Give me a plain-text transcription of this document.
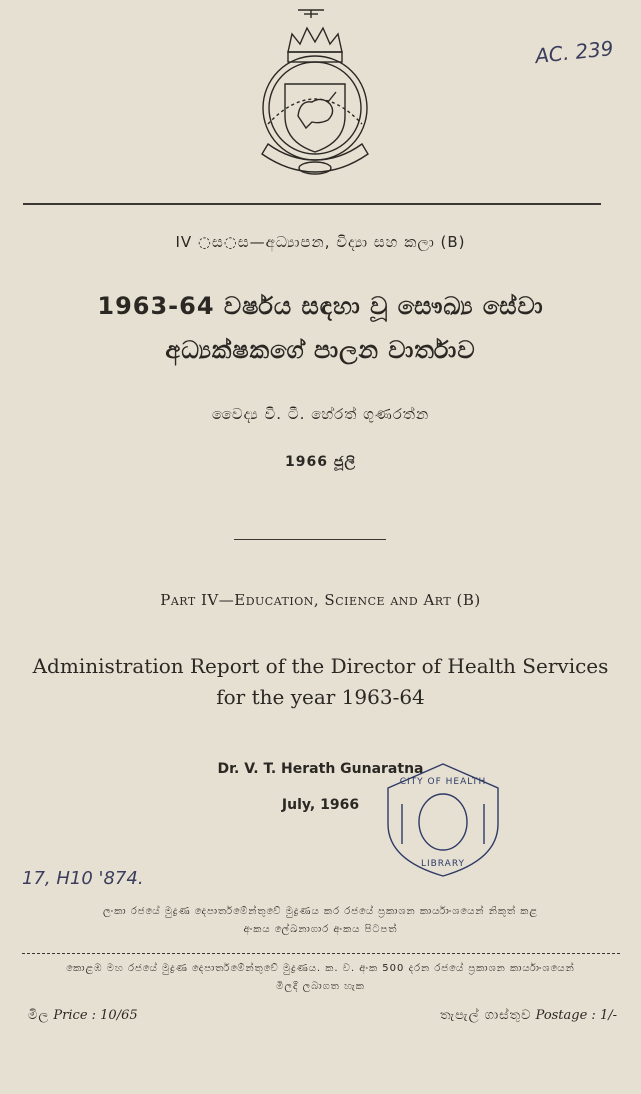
AC. 239
IV ◌ස◌ස—අධ්‍යාපන, විද්‍යා සහ කලා (B)
1963-64 වර්ෂය සඳහා වූ සෞඛ්‍ය සේවා
අධ්‍යක්ෂකගේ පාලන වාර්තාව
වෛද්‍ය වී. ටී. හේරත් ගුණරත්න
1966 ජූලි
Part IV—Education, Science and Art (B)
Administration Report of the Director of Health Services
for the year 1963-64
Dr. V. T. Herath Gunaratna
July, 1966
CITY OF HEALTH
LIBRARY
17, H10 '874.
ලංකා රජයේ මුද්‍රණ දෙපාර්තමේන්තුවේ මුද්‍රණය කර රජයේ ප්‍රකාශන කාර්යාංශයෙන් නිකුත් කළ
අංකය ලේඛනාගාර අංකය පිටපත්
කොළඹ මහ රජයේ මුද්‍රණ දෙපාර්තමේන්තුවේ මුද්‍රණය. ක. ව. අංක 500 දරන රජයේ ප්‍රකාශන කාර්යාංශයෙන්
මිලදී ලබාගත හැක
මිල Price : 10/65	තැපැල් ගාස්තුව Postage : 1/-
